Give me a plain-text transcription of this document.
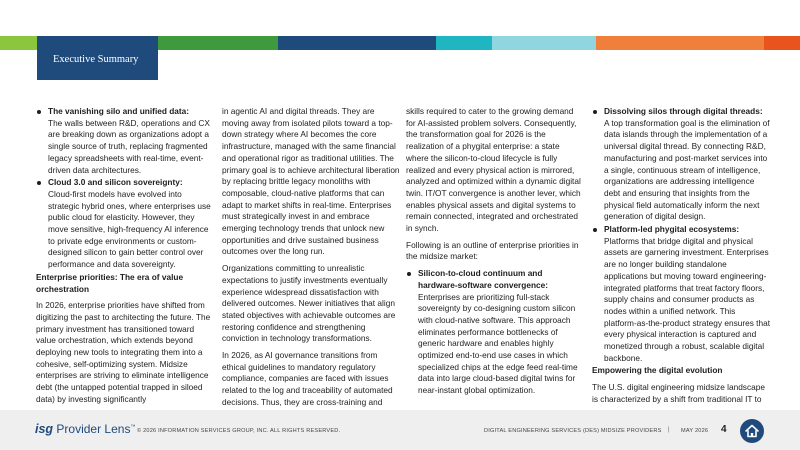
Executive Summary
The vanishing silo and unified data:
The walls between R&D, operations and CX are breaking down as organizations adopt a single source of truth, replacing fragmented legacy spreadsheets with real-time, event-driven data architectures.
Cloud 3.0 and silicon sovereignty:
Cloud-first models have evolved into strategic hybrid ones, where enterprises use public cloud for elasticity. However, they move sensitive, high-frequency AI inference to private edge environments or custom-designed silicon to gain better control over performance and data sovereignty.
Enterprise priorities: The era of value orchestration
In 2026, enterprise priorities have shifted from digitizing the past to architecting the future. The primary investment has transitioned toward value orchestration, which extends beyond deploying new tools to integrating them into a cohesive, self-optimizing system. Midsize enterprises are striving to eliminate intelligence debt (the untapped potential trapped in siloed data) by investing significantly
in agentic AI and digital threads. They are moving away from isolated pilots toward a top-down strategy where AI becomes the core infrastructure, managed with the same financial and operational rigor as traditional utilities. The primary goal is to achieve architectural liberation by replacing brittle legacy monoliths with composable, cloud-native platforms that can adapt to market shifts in real-time. Enterprises must strategically invest in and embrace emerging technology trends that unlock new opportunities and drive sustained business outcomes over the long run.
Organizations committing to unrealistic expectations to justify investments eventually experience widespread dissatisfaction with delivered outcomes. Newer initiatives that align stated objectives with achievable outcomes are restoring confidence and strengthening conviction in technology transformations.
In 2026, as AI governance transitions from ethical guidelines to mandatory regulatory compliance, companies are faced with issues related to the log and traceability of automated decisions. Thus, they are cross-training and
skills required to cater to the growing demand for AI-assisted problem solvers. Consequently, the transformation goal for 2026 is the realization of a phygital enterprise: a state where the silicon-to-cloud lifecycle is fully realized and every physical action is mirrored, analyzed and optimized within a dynamic digital twin. IT/OT convergence is another lever, which enables physical assets and digital systems to remain connected, integrated and orchestrated in synch.
Following is an outline of enterprise priorities in the midsize market:
Silicon-to-cloud continuum and hardware-software convergence: Enterprises are prioritizing full-stack sovereignty by co-designing custom silicon with cloud-native software. This approach eliminates performance bottlenecks of generic hardware and enables highly optimized end-to-end use cases in which specialized chips at the edge feed real-time data into large cloud-based digital twins for near-instant global optimization.
Dissolving silos through digital threads:
A top transformation goal is the elimination of data islands through the implementation of a universal digital thread. By connecting R&D, manufacturing and post-market services into a single, continuous stream of intelligence, organizations are addressing intelligence debt and ensuring that insights from the physical field automatically inform the next generation of digital design.
Platform-led phygital ecosystems:
Platforms that bridge digital and physical assets are garnering investment. Enterprises are no longer building standalone applications but moving toward engineering-integrated platforms that treat factory floors, supply chains and consumer products as nodes within a unified network. This platform-as-the-product strategy ensures that every physical interaction is captured and monetized through a robust, scalable digital backbone.
Empowering the digital evolution
The U.S. digital engineering midsize landscape is characterized by a shift from traditional IT to
isg Provider Lens™
© 2026 INFORMATION SERVICES GROUP, INC. ALL RIGHTS RESERVED.	DIGITAL ENGINEERING SERVICES (DES) MIDSIZE PROVIDERS | MAY 2026 4
